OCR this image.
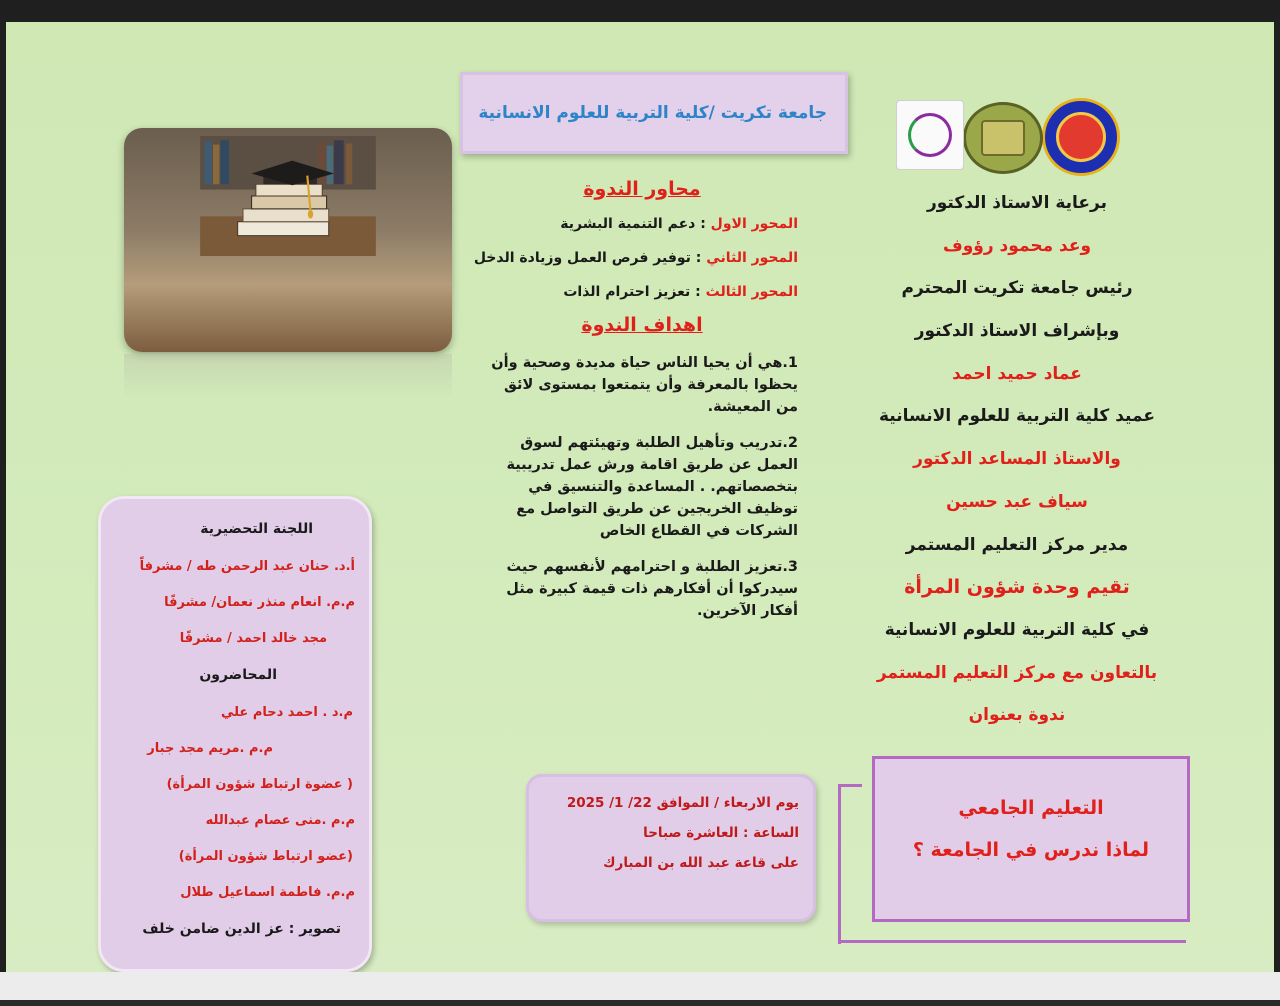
جامعة تكريت /كلية التربية للعلوم الانسانية
برعاية الاستاذ الدكتور
وعد محمود رؤوف
رئيس جامعة تكريت المحترم
وبإشراف الاستاذ الدكتور
عماد حميد احمد
عميد كلية التربية للعلوم الانسانية
والاستاذ المساعد الدكتور
سياف عبد حسين
مدير مركز التعليم المستمر
تقيم وحدة شؤون المرأة
في كلية التربية للعلوم الانسانية
بالتعاون مع مركز التعليم المستمر
ندوة بعنوان
التعليم الجامعي
لماذا ندرس في الجامعة ؟
محاور الندوة
المحور الاول : دعم التنمية البشرية
المحور الثاني : توفير فرص العمل وزيادة الدخل
المحور الثالث : تعزيز احترام الذات
اهداف الندوة
1.هي أن يحيا الناس حياة مديدة وصحية وأن يحظوا بالمعرفة وأن يتمتعوا بمستوى لائق من المعيشة.
2.تدريب وتأهيل الطلبة وتهيئتهم لسوق العمل عن طريق اقامة ورش عمل تدريبية بتخصصاتهم. . المساعدة والتنسيق في توظيف الخريجين عن طريق التواصل مع الشركات في القطاع الخاص
3.تعزيز الطلبة و احترامهم لأنفسهم حيث سيدركوا أن أفكارهم ذات قيمة كبيرة مثل أفكار الآخرين.
يوم الاربعاء / الموافق 22/ 1/ 2025
الساعة : العاشرة صباحا
على قاعة عبد الله بن المبارك
اللجنة التحضيرية
أ.د. حنان عبد الرحمن طه / مشرفاً
م.م. انعام منذر نعمان/ مشرفًا
مجد خالد احمد / مشرفًا
المحاضرون
م.د . احمد دحام علي
م.م .مريم مجد جبار
( عضوة ارتباط شؤون المرأة)
م.م .منى عصام عبدالله
(عضو ارتباط شؤون المرأة)
م.م. فاطمة اسماعيل طلال
تصوير : عز الدين ضامن خلف
